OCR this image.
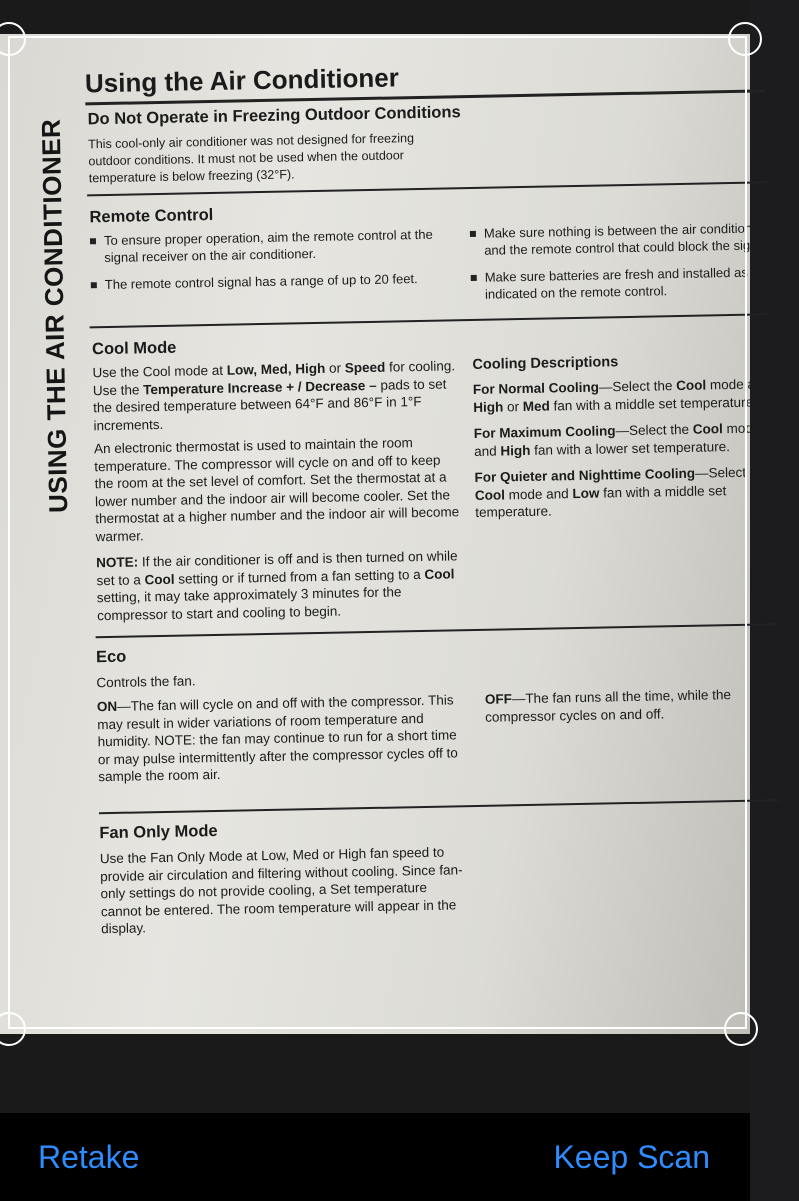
USING THE AIR CONDITIONER
Using the Air Conditioner
Do Not Operate in Freezing Outdoor Conditions
This cool-only air conditioner was not designed for freezing
outdoor conditions. It must not be used when the outdoor
temperature is below freezing (32°F).
Remote Control
To ensure proper operation, aim the remote control at the signal receiver on the air conditioner.
The remote control signal has a range of up to 20 feet.
Make sure nothing is between the air conditioner and the remote control that could block the signal.
Make sure batteries are fresh and installed as indicated on the remote control.
Cool Mode
Use the Cool mode at Low, Med, High or Speed for cooling. Use the Temperature Increase + / Decrease – pads to set the desired temperature between 64°F and 86°F in 1°F increments.
An electronic thermostat is used to maintain the room temperature. The compressor will cycle on and off to keep the room at the set level of comfort. Set the thermostat at a lower number and the indoor air will become cooler. Set the thermostat at a higher number and the indoor air will become warmer.
NOTE: If the air conditioner is off and is then turned on while set to a Cool setting or if turned from a fan setting to a Cool setting, it may take approximately 3 minutes for the compressor to start and cooling to begin.
Cooling Descriptions
For Normal Cooling—Select the Cool mode and
High or Med fan with a middle set temperature.
For Maximum Cooling—Select the Cool mode
and High fan with a lower set temperature.
For Quieter and Nighttime Cooling—Select the
Cool mode and Low fan with a middle set temperature.
Eco
Controls the fan.
ON—The fan will cycle on and off with the compressor. This may result in wider variations of room temperature and humidity. NOTE: the fan may continue to run for a short time or may pulse intermittently after the compressor cycles off to sample the room air.
OFF—The fan runs all the time, while the compressor cycles on and off.
Fan Only Mode
Use the Fan Only Mode at Low, Med or High fan speed to provide air circulation and filtering without cooling. Since fan-only settings do not provide cooling, a Set temperature cannot be entered. The room temperature will appear in the display.
Retake	Keep Scan
